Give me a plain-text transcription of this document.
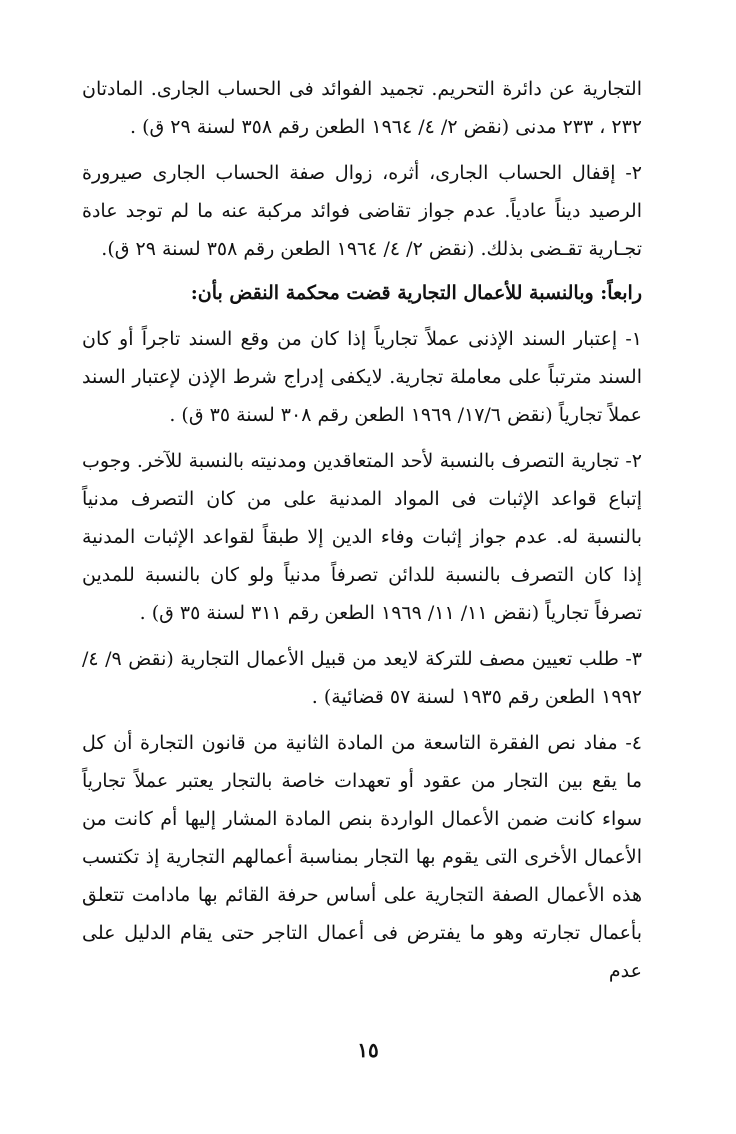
التجارية عن دائرة التحريم. تجميد الفوائد فى الحساب الجارى. المادتان ٢٣٢ ، ٢٣٣ مدنى (نقض ٢/ ٤/ ١٩٦٤ الطعن رقم ٣٥٨ لسنة ٢٩ ق) .

٢- إقفال الحساب الجارى، أثره، زوال صفة الحساب الجارى صيرورة الرصيد ديناً عادياً. عدم جواز تقاضى فوائد مركبة عنه ما لم توجد عادة تجـارية تقـضى بذلك. (نقض ٢/ ٤/ ١٩٦٤ الطعن رقم ٣٥٨ لسنة ٢٩ ق).

رابعاً: وبالنسبة للأعمال التجارية قضت محكمة النقض بأن:

١- إعتبار السند الإذنى عملاً تجارياً إذا كان من وقع السند تاجراً أو كان السند مترتباً على معاملة تجارية. لايكفى إدراج شرط الإذن لإعتبار السند عملاً تجارياً (نقض ١٧/٦/ ١٩٦٩ الطعن رقم ٣٠٨ لسنة ٣٥ ق) .

٢- تجارية التصرف بالنسبة لأحد المتعاقدين ومدنيته بالنسبة للآخر. وجوب إتباع قواعد الإثبات فى المواد المدنية على من كان التصرف مدنياً بالنسبة له. عدم جواز إثبات وفاء الدين إلا طبقاً لقواعد الإثبات المدنية إذا كان التصرف بالنسبة للدائن تصرفاً مدنياً ولو كان بالنسبة للمدين تصرفاً تجارياً (نقض ١١/ ١١/ ١٩٦٩ الطعن رقم ٣١١ لسنة ٣٥ ق) .

٣- طلب تعيين مصف للتركة لايعد من قبيل الأعمال التجارية (نقض ٩/ ٤/ ١٩٩٢ الطعن رقم ١٩٣٥ لسنة ٥٧ قضائية) .

٤- مفاد نص الفقرة التاسعة من المادة الثانية من قانون التجارة أن كل ما يقع بين التجار من عقود أو تعهدات خاصة بالتجار يعتبر عملاً تجارياً سواء كانت ضمن الأعمال الواردة بنص المادة المشار إليها أم كانت من الأعمال الأخرى التى يقوم بها التجار بمناسبة أعمالهم التجارية إذ تكتسب هذه الأعمال الصفة التجارية على أساس حرفة القائم بها مادامت تتعلق بأعمال تجارته وهو ما يفترض فى أعمال التاجر حتى يقام الدليل على عدم

١٥
